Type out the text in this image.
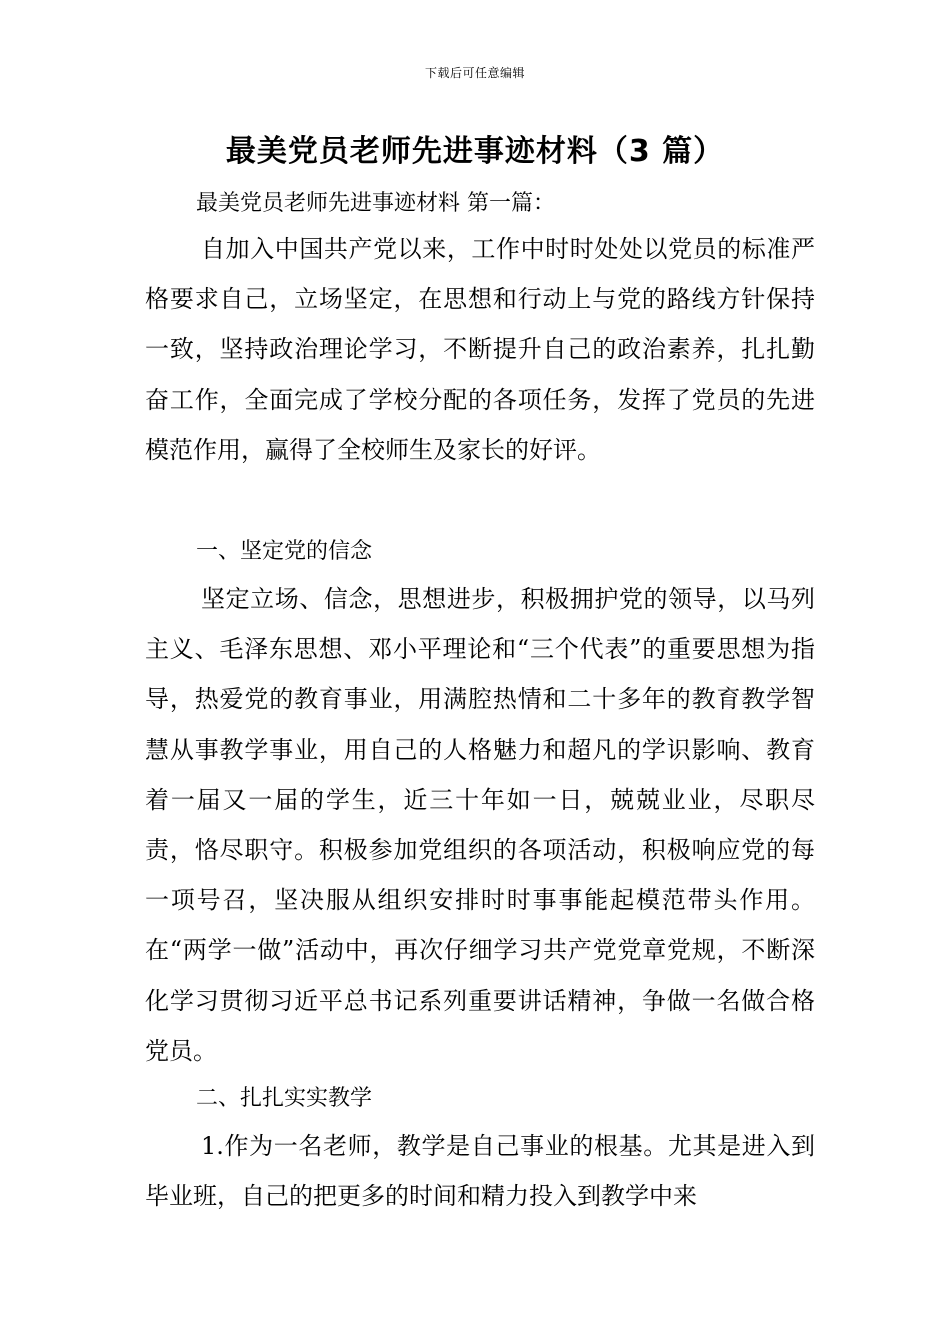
下载后可任意编辑
最美党员老师先进事迹材料（3 篇）
最美党员老师先进事迹材料 第一篇：

自加入中国共产党以来，工作中时时处处以党员的标准严格要求自己，立场坚定，在思想和行动上与党的路线方针保持一致，坚持政治理论学习，不断提升自己的政治素养，扎扎勤奋工作，全面完成了学校分配的各项任务，发挥了党员的先进模范作用，赢得了全校师生及家长的好评。

一、坚定党的信念

坚定立场、信念，思想进步，积极拥护党的领导，以马列主义、毛泽东思想、邓小平理论和“三个代表”的重要思想为指导，热爱党的教育事业，用满腔热情和二十多年的教育教学智慧从事教学事业，用自己的人格魅力和超凡的学识影响、教育着一届又一届的学生，近三十年如一日，兢兢业业，尽职尽责，恪尽职守。积极参加党组织的各项活动，积极响应党的每一项号召，坚决服从组织安排时时事事能起模范带头作用。在“两学一做”活动中，再次仔细学习共产党党章党规，不断深化学习贯彻习近平总书记系列重要讲话精神，争做一名做合格党员。

二、扎扎实实教学

1.作为一名老师，教学是自己事业的根基。尤其是进入到毕业班，自己的把更多的时间和精力投入到教学中来
